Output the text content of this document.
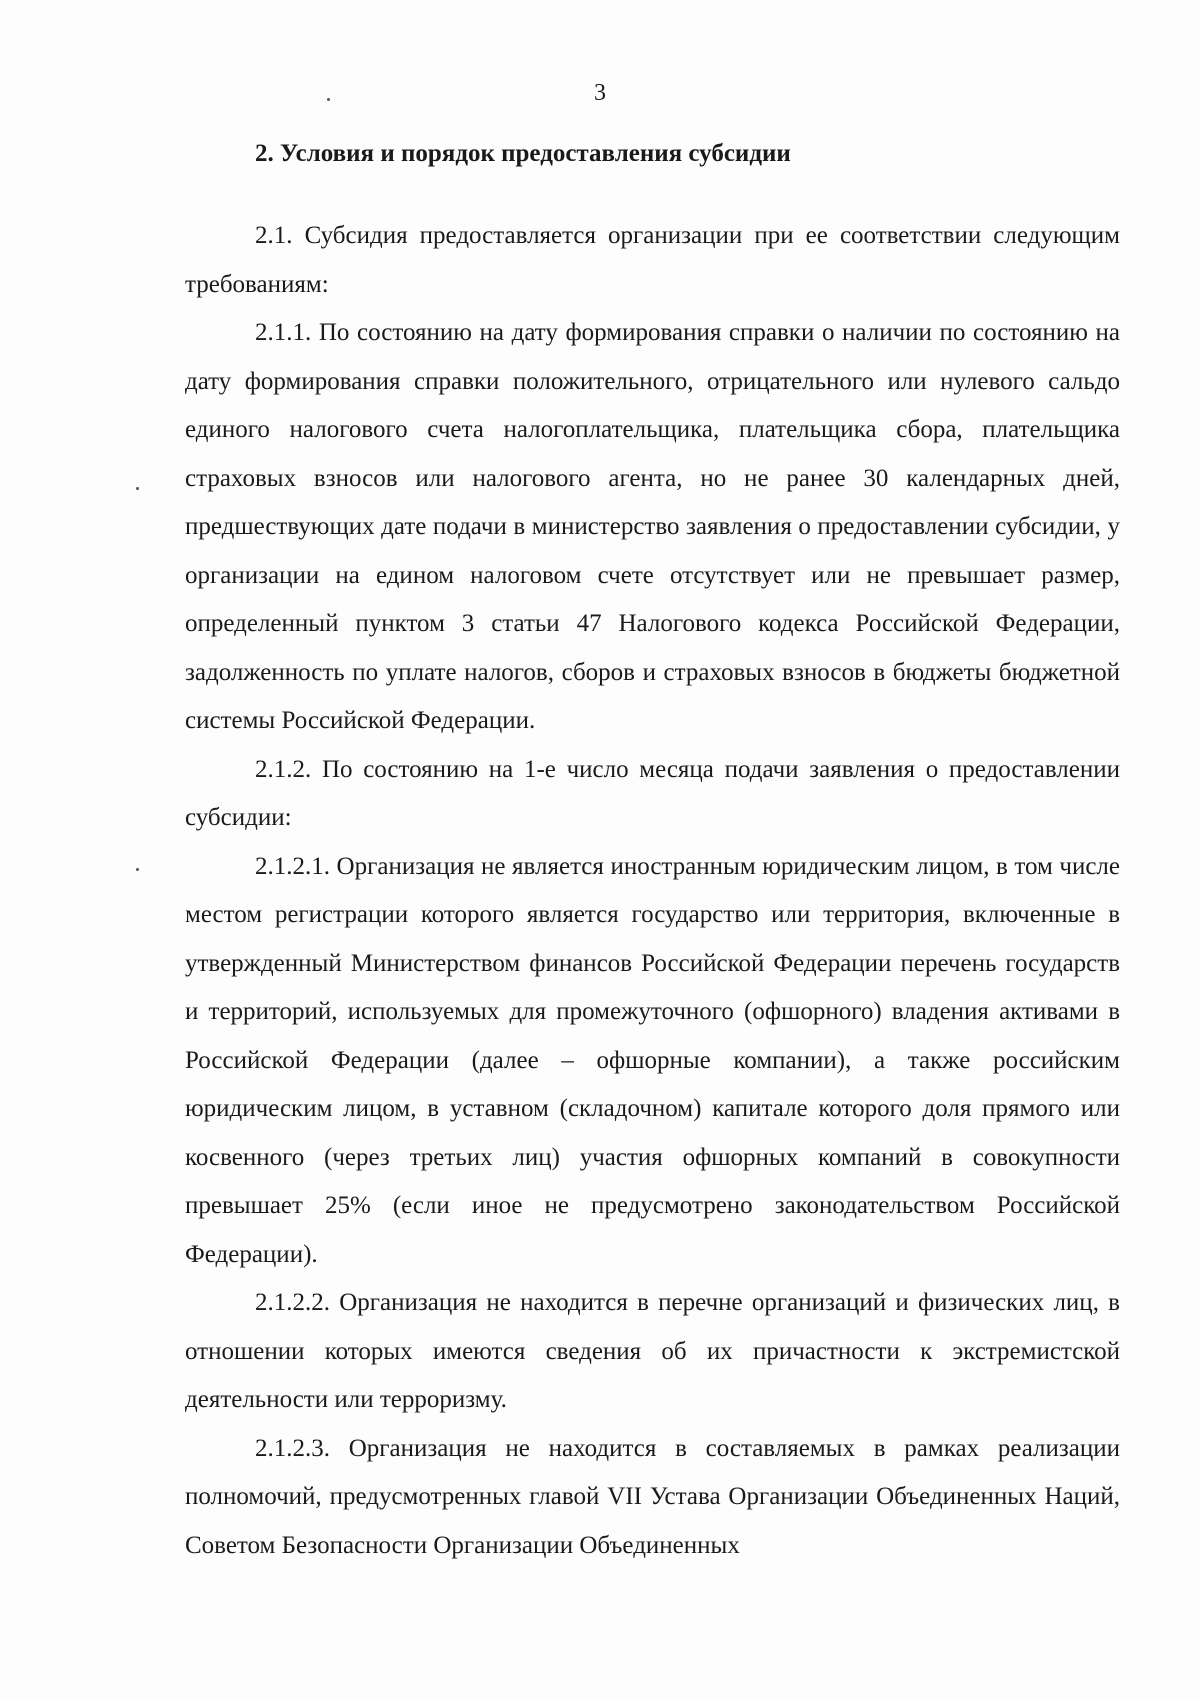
3
2. Условия и порядок предоставления субсидии

2.1. Субсидия предоставляется организации при ее соответствии следующим требованиям:

2.1.1. По состоянию на дату формирования справки о наличии по состоянию на дату формирования справки положительного, отрицательного или нулевого сальдо единого налогового счета налогоплательщика, плательщика сбора, плательщика страховых взносов или налогового агента, но не ранее 30 календарных дней, предшествующих дате подачи в министерство заявления о предоставлении субсидии, у организации на едином налоговом счете отсутствует или не превышает размер, определенный пунктом 3 статьи 47 Налогового кодекса Российской Федерации, задолженность по уплате налогов, сборов и страховых взносов в бюджеты бюджетной системы Российской Федерации.

2.1.2. По состоянию на 1-е число месяца подачи заявления о предоставлении субсидии:

2.1.2.1. Организация не является иностранным юридическим лицом, в том числе местом регистрации которого является государство или территория, включенные в утвержденный Министерством финансов Российской Федерации перечень государств и территорий, используемых для промежуточного (офшорного) владения активами в Российской Федерации (далее – офшорные компании), а также российским юридическим лицом, в уставном (складочном) капитале которого доля прямого или косвенного (через третьих лиц) участия офшорных компаний в совокупности превышает 25% (если иное не предусмотрено законодательством Российской Федерации).

2.1.2.2. Организация не находится в перечне организаций и физических лиц, в отношении которых имеются сведения об их причастности к экстремистской деятельности или терроризму.

2.1.2.3. Организация не находится в составляемых в рамках реализации полномочий, предусмотренных главой VII Устава Организации Объединенных Наций, Советом Безопасности Организации Объединенных
